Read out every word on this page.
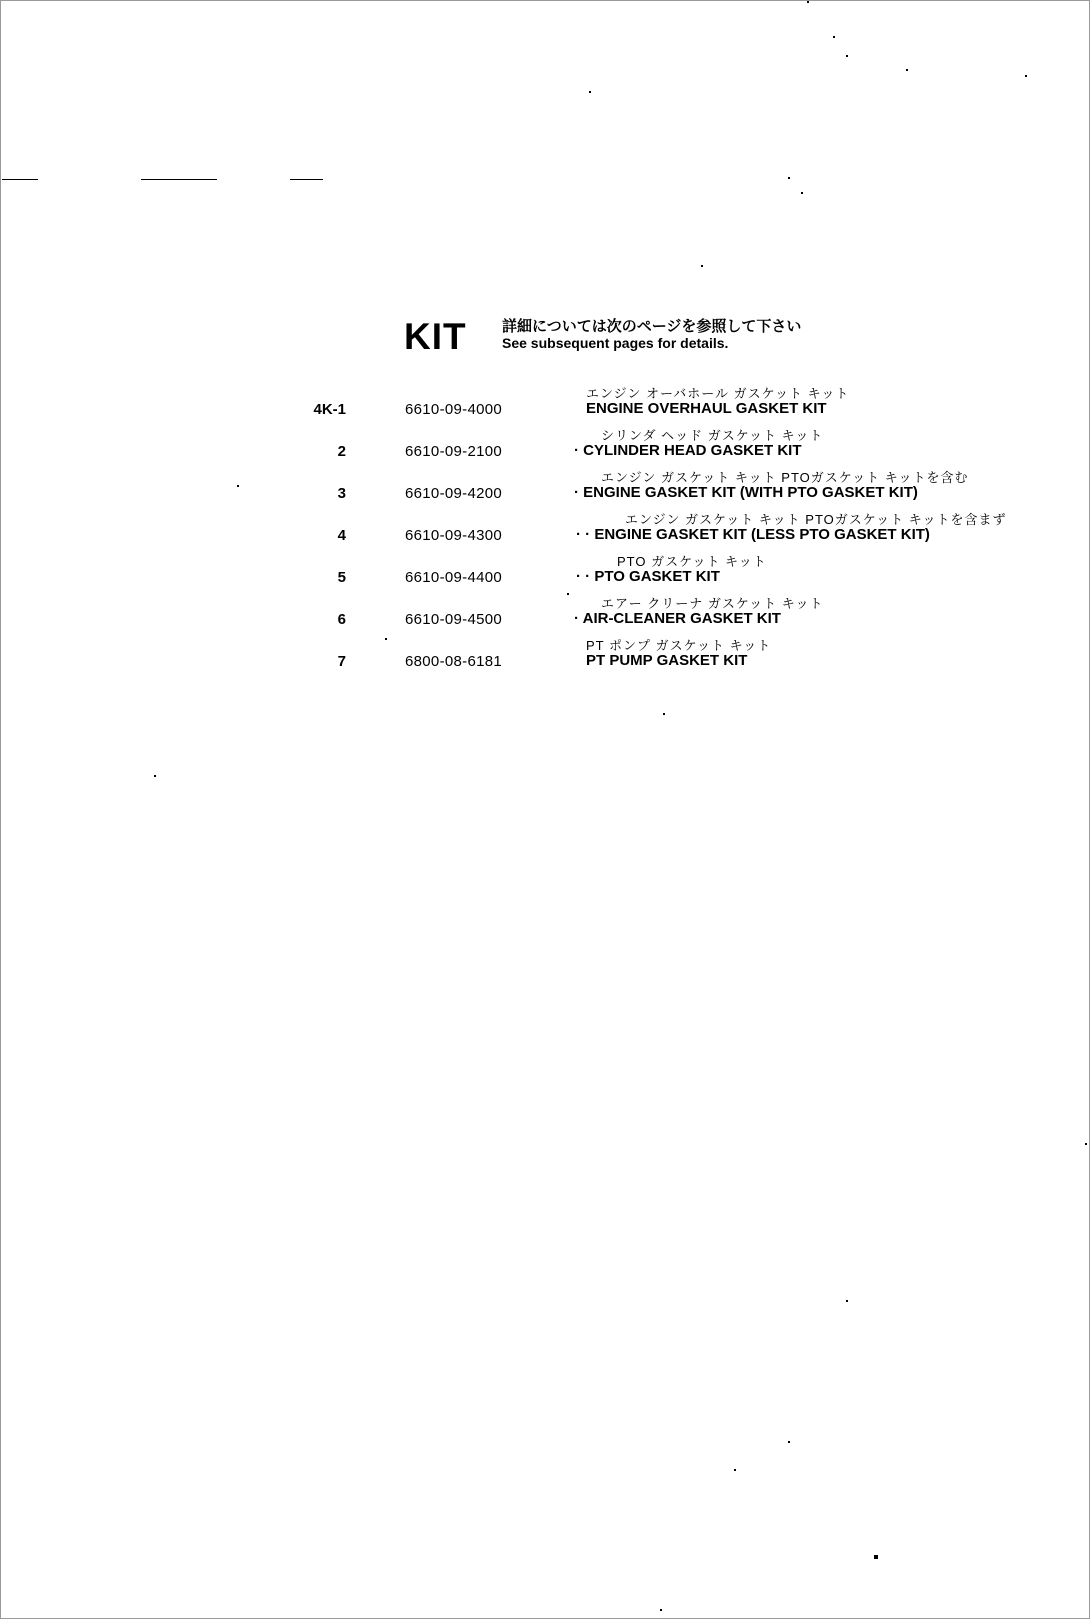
KIT 詳細については次のページを参照して下さい
See subsequent pages for details.
4K-1	6610-09-4000
エンジン オーバホール ガスケット キット
ENGINE OVERHAUL GASKET KIT
2	6610-09-2100
シリンダ ヘッド ガスケット キット
· CYLINDER HEAD GASKET KIT
3	6610-09-4200
エンジン ガスケット キット PTOガスケット キットを含む
· ENGINE GASKET KIT (WITH PTO GASKET KIT)
4	6610-09-4300
エンジン ガスケット キット PTOガスケット キットを含まず
· · ENGINE GASKET KIT (LESS PTO GASKET KIT)
5	6610-09-4400
PTO ガスケット キット
· · PTO GASKET KIT
6	6610-09-4500
エアー クリーナ ガスケット キット
· AIR-CLEANER GASKET KIT
7	6800-08-6181
PT ポンプ ガスケット キット
PT PUMP GASKET KIT
